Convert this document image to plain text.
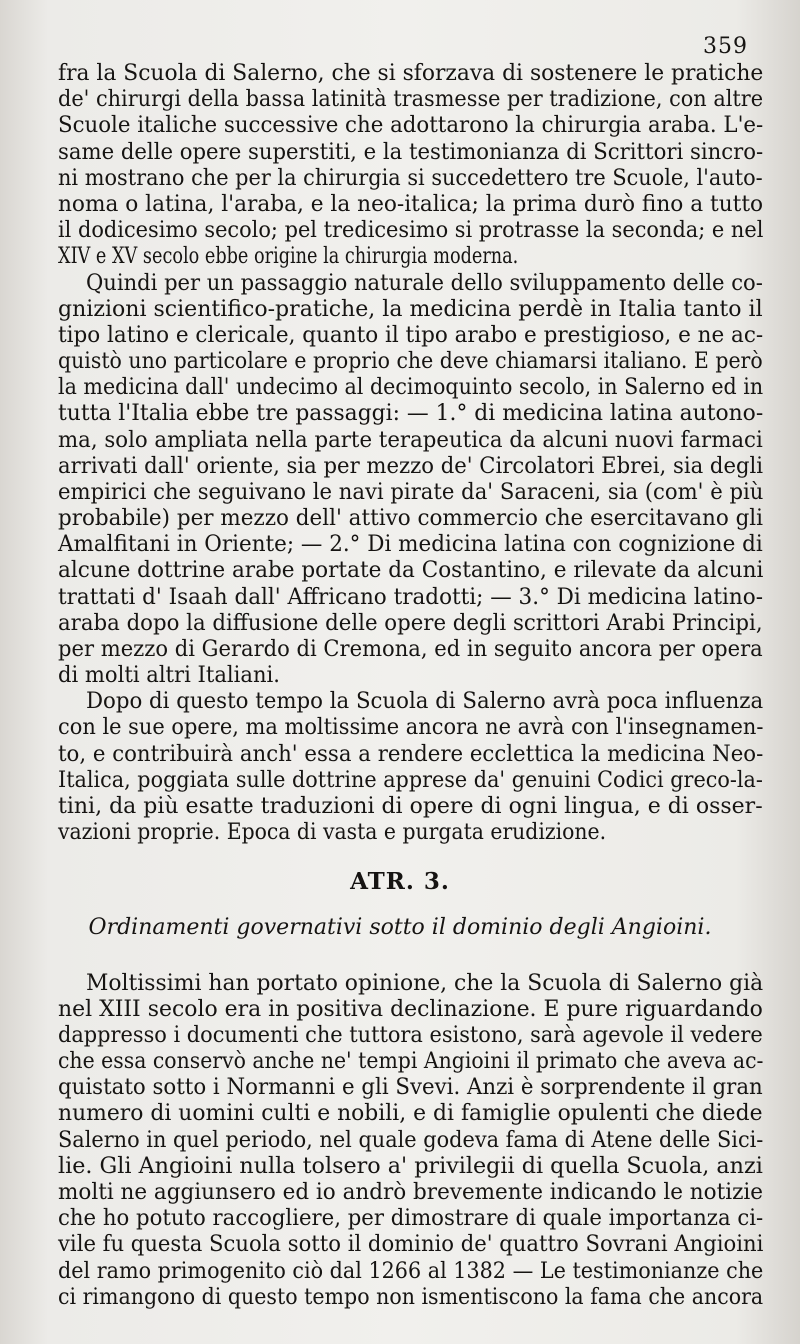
359
fra la Scuola di Salerno, che si sforzava di sostenere le pratiche
de' chirurgi della bassa latinità trasmesse per tradizione, con altre
Scuole italiche successive che adottarono la chirurgia araba. L'e-
same delle opere superstiti, e la testimonianza di Scrittori sincro-
ni mostrano che per la chirurgia si succedettero tre Scuole, l'auto-
noma o latina, l'araba, e la neo-italica; la prima durò fino a tutto
il dodicesimo secolo; pel tredicesimo si protrasse la seconda; e nel
XIV e XV secolo ebbe origine la chirurgia moderna.
Quindi per un passaggio naturale dello sviluppamento delle co-
gnizioni scientifico-pratiche, la medicina perdè in Italia tanto il
tipo latino e clericale, quanto il tipo arabo e prestigioso, e ne ac-
quistò uno particolare e proprio che deve chiamarsi italiano. E però
la medicina dall' undecimo al decimoquinto secolo, in Salerno ed in
tutta l'Italia ebbe tre passaggi: — 1.° di medicina latina autono-
ma, solo ampliata nella parte terapeutica da alcuni nuovi farmaci
arrivati dall' oriente, sia per mezzo de' Circolatori Ebrei, sia degli
empirici che seguivano le navi pirate da' Saraceni, sia (com' è più
probabile) per mezzo dell' attivo commercio che esercitavano gli
Amalfitani in Oriente; — 2.° Di medicina latina con cognizione di
alcune dottrine arabe portate da Costantino, e rilevate da alcuni
trattati d' Isaah dall' Affricano tradotti; — 3.° Di medicina latino-
araba dopo la diffusione delle opere degli scrittori Arabi Principi,
per mezzo di Gerardo di Cremona, ed in seguito ancora per opera
di molti altri Italiani.
Dopo di questo tempo la Scuola di Salerno avrà poca influenza
con le sue opere, ma moltissime ancora ne avrà con l'insegnamen-
to, e contribuirà anch' essa a rendere ecclettica la medicina Neo-
Italica, poggiata sulle dottrine apprese da' genuini Codici greco-la-
tini, da più esatte traduzioni di opere di ogni lingua, e di osser-
vazioni proprie. Epoca di vasta e purgata erudizione.
ATR. 3.
Ordinamenti governativi sotto il dominio degli Angioini.
Moltissimi han portato opinione, che la Scuola di Salerno già
nel XIII secolo era in positiva declinazione. E pure riguardando
dappresso i documenti che tuttora esistono, sarà agevole il vedere
che essa conservò anche ne' tempi Angioini il primato che aveva ac-
quistato sotto i Normanni e gli Svevi. Anzi è sorprendente il gran
numero di uomini culti e nobili, e di famiglie opulenti che diede
Salerno in quel periodo, nel quale godeva fama di Atene delle Sici-
lie. Gli Angioini nulla tolsero a' privilegii di quella Scuola, anzi
molti ne aggiunsero ed io andrò brevemente indicando le notizie
che ho potuto raccogliere, per dimostrare di quale importanza ci-
vile fu questa Scuola sotto il dominio de' quattro Sovrani Angioini
del ramo primogenito ciò dal 1266 al 1382 — Le testimonianze che
ci rimangono di questo tempo non ismentiscono la fama che ancora
